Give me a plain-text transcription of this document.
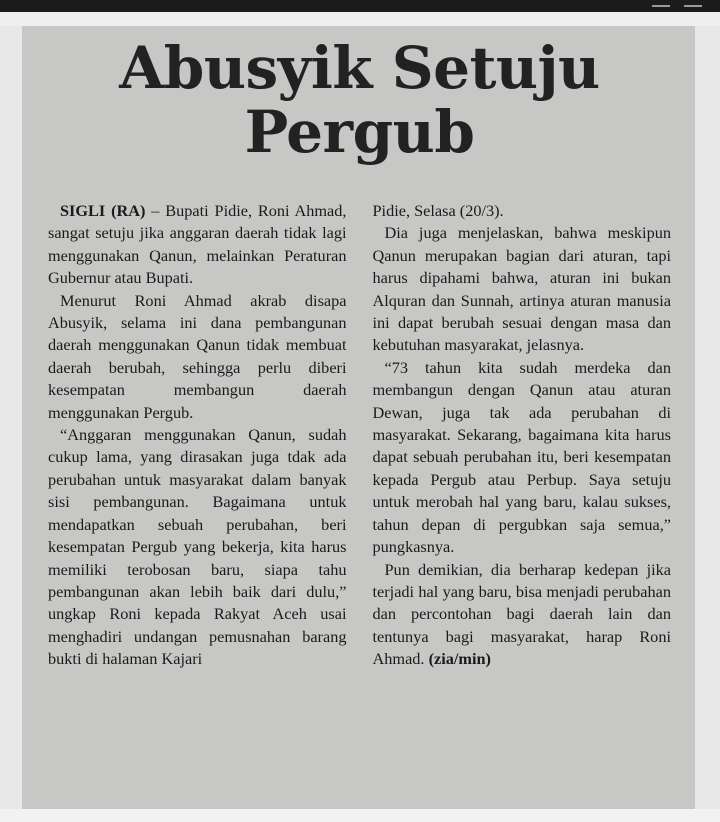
Abusyik Setuju Pergub

SIGLI (RA) – Bupati Pidie, Roni Ahmad, sangat setuju jika anggaran daerah tidak lagi menggunakan Qanun, melainkan Peraturan Gubernur atau Bupati.

Menurut Roni Ahmad akrab disapa Abusyik, selama ini dana pembangunan daerah menggunakan Qanun tidak membuat daerah berubah, sehingga perlu diberi kesempatan membangun daerah menggunakan Pergub.

“Anggaran menggunakan Qanun, sudah cukup lama, yang dirasakan juga tdak ada perubahan untuk masyarakat dalam banyak sisi pembangunan. Bagaimana untuk mendapatkan sebuah perubahan, beri kesempatan Pergub yang bekerja, kita harus memiliki terobosan baru, siapa tahu pembangunan akan lebih baik dari dulu,” ungkap Roni kepada Rakyat Aceh usai menghadiri undangan pemusnahan barang bukti di halaman Kajari

Pidie, Selasa (20/3).

Dia juga menjelaskan, bahwa meskipun Qanun merupakan bagian dari aturan, tapi harus dipahami bahwa, aturan ini bukan Alquran dan Sunnah, artinya aturan manusia ini dapat berubah sesuai dengan masa dan kebutuhan masyarakat, jelasnya.

“73 tahun kita sudah merdeka dan membangun dengan Qanun atau aturan Dewan, juga tak ada perubahan di masyarakat. Sekarang, bagaimana kita harus dapat sebuah perubahan itu, beri kesempatan kepada Pergub atau Perbup. Saya setuju untuk merobah hal yang baru, kalau sukses, tahun depan di pergubkan saja semua,” pungkasnya.

Pun demikian, dia berharap kedepan jika terjadi hal yang baru, bisa menjadi perubahan dan percontohan bagi daerah lain dan tentunya bagi masyarakat, harap Roni Ahmad. (zia/min)
